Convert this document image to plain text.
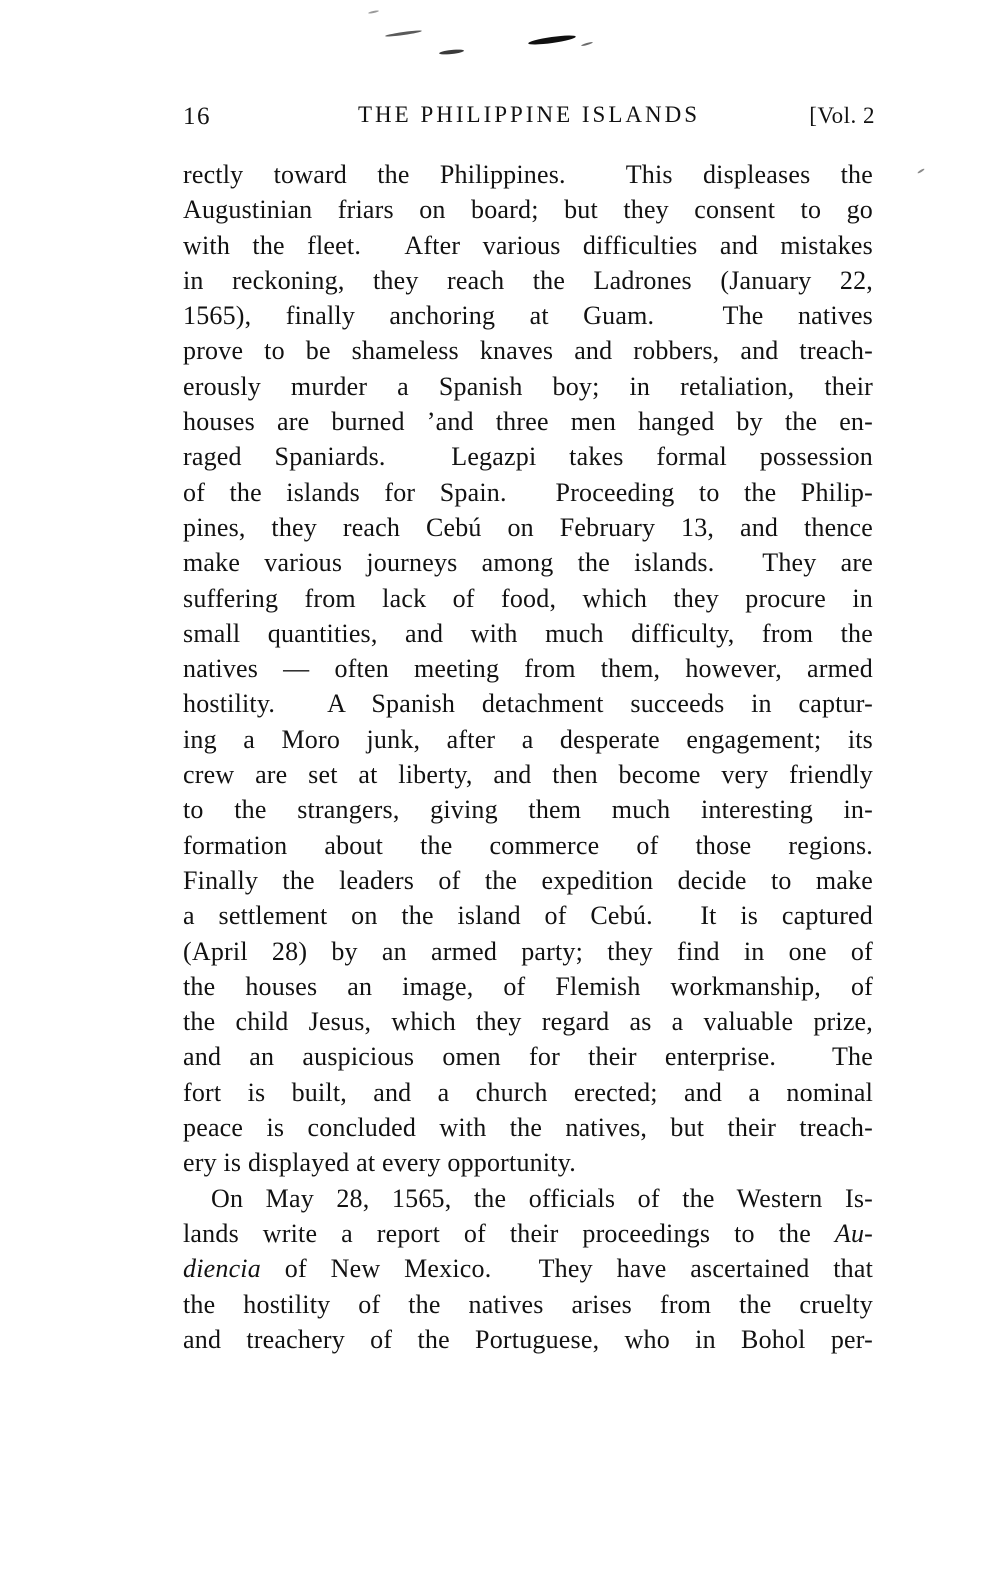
16	THE PHILIPPINE ISLANDS	[Vol. 2
rectly toward the Philippines.  This displeases the
Augustinian friars on board; but they consent to go
with the fleet.  After various difficulties and mistakes
in reckoning, they reach the Ladrones (January 22,
1565), finally anchoring at Guam.  The natives
prove to be shameless knaves and robbers, and treach-
erously murder a Spanish boy; in retaliation, their
houses are burned ’and three men hanged by the en-
raged Spaniards.  Legazpi takes formal possession
of the islands for Spain.  Proceeding to the Philip-
pines, they reach Cebú on February 13, and thence
make various journeys among the islands.  They are
suffering from lack of food, which they procure in
small quantities, and with much difficulty, from the
natives — often meeting from them, however, armed
hostility.  A Spanish detachment succeeds in captur-
ing a Moro junk, after a desperate engagement; its
crew are set at liberty, and then become very friendly
to the strangers, giving them much interesting in-
formation about the commerce of those regions.
Finally the leaders of the expedition decide to make
a settlement on the island of Cebú.  It is captured
(April 28) by an armed party; they find in one of
the houses an image, of Flemish workmanship, of
the child Jesus, which they regard as a valuable prize,
and an auspicious omen for their enterprise.  The
fort is built, and a church erected; and a nominal
peace is concluded with the natives, but their treach-
ery is displayed at every opportunity.
On May 28, 1565, the officials of the Western Is-
lands write a report of their proceedings to the Au-
diencia of New Mexico.  They have ascertained that
the hostility of the natives arises from the cruelty
and treachery of the Portuguese, who in Bohol per-
